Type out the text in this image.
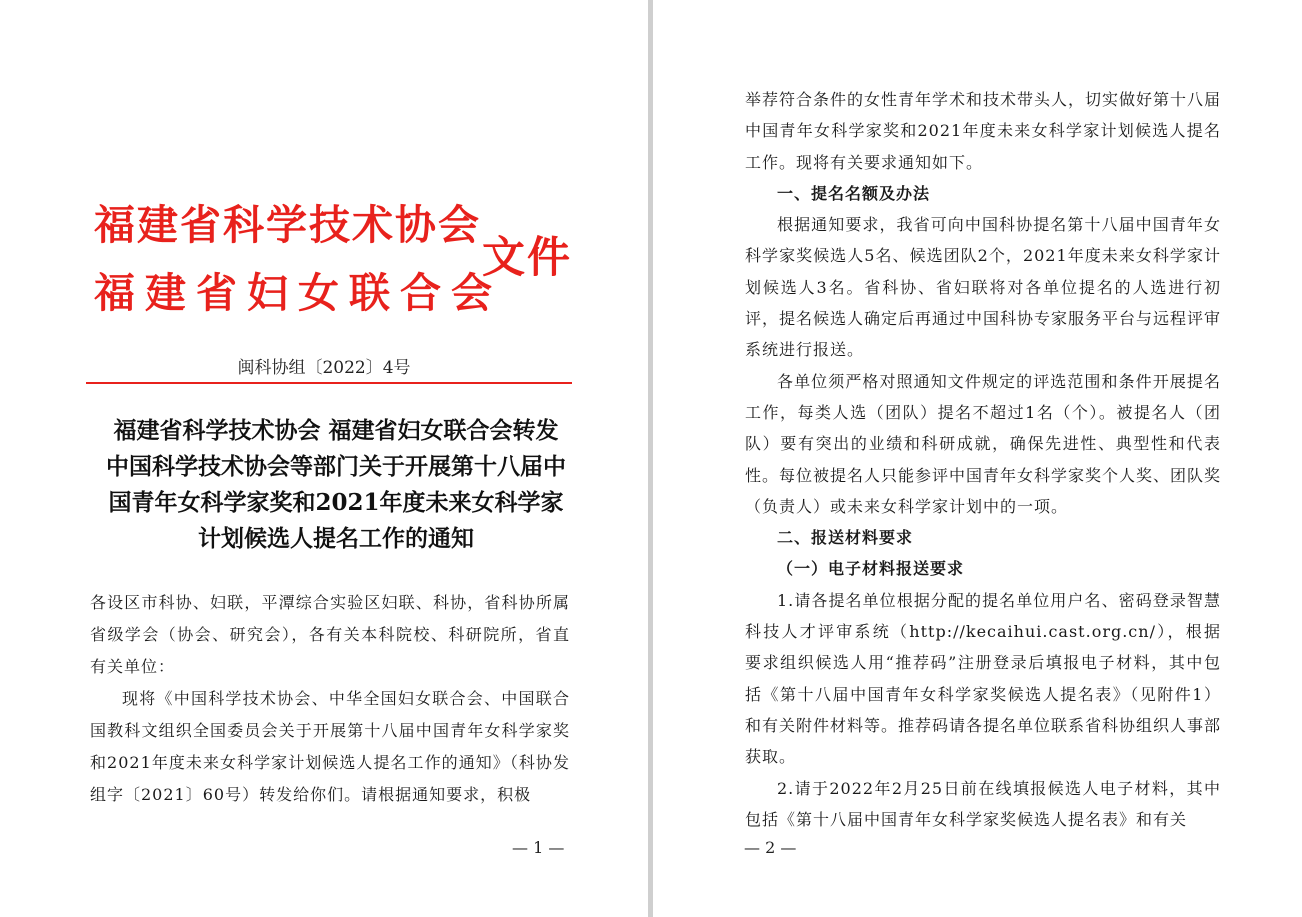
福建省科学技术协会
福建省妇女联合会
文件
闽科协组〔2022〕4号
福建省科学技术协会 福建省妇女联合会转发
中国科学技术协会等部门关于开展第十八届中
国青年女科学家奖和2021年度未来女科学家
计划候选人提名工作的通知
各设区市科协、妇联，平潭综合实验区妇联、科协，省科协所属省级学会（协会、研究会），各有关本科院校、科研院所，省直有关单位：
现将《中国科学技术协会、中华全国妇女联合会、中国联合国教科文组织全国委员会关于开展第十八届中国青年女科学家奖和2021年度未来女科学家计划候选人提名工作的通知》（科协发组字〔2021〕60号）转发给你们。请根据通知要求，积极
— 1 —

举荐符合条件的女性青年学术和技术带头人，切实做好第十八届中国青年女科学家奖和2021年度未来女科学家计划候选人提名工作。现将有关要求通知如下。

一、提名名额及办法

根据通知要求，我省可向中国科协提名第十八届中国青年女科学家奖候选人5名、候选团队2个，2021年度未来女科学家计划候选人3名。省科协、省妇联将对各单位提名的人选进行初评，提名候选人确定后再通过中国科协专家服务平台与远程评审系统进行报送。

各单位须严格对照通知文件规定的评选范围和条件开展提名工作，每类人选（团队）提名不超过1名（个）。被提名人（团队）要有突出的业绩和科研成就，确保先进性、典型性和代表性。每位被提名人只能参评中国青年女科学家奖个人奖、团队奖（负责人）或未来女科学家计划中的一项。

二、报送材料要求

（一）电子材料报送要求

1.请各提名单位根据分配的提名单位用户名、密码登录智慧科技人才评审系统（http://kecaihui.cast.org.cn/），根据要求组织候选人用“推荐码”注册登录后填报电子材料，其中包括《第十八届中国青年女科学家奖候选人提名表》（见附件1）和有关附件材料等。推荐码请各提名单位联系省科协组织人事部获取。

2.请于2022年2月25日前在线填报候选人电子材料，其中包括《第十八届中国青年女科学家奖候选人提名表》和有关

— 2 —
